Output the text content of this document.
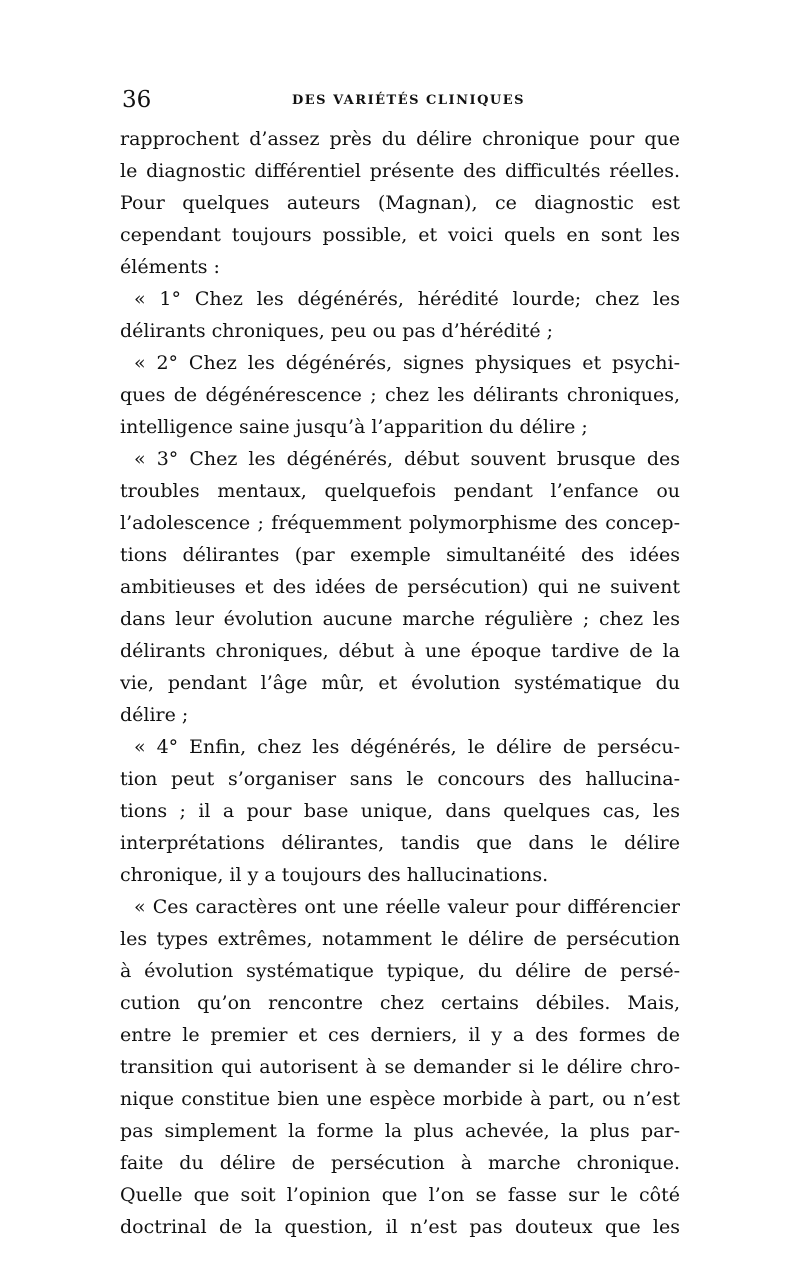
36	DES VARIÉTÉS CLINIQUES
rapprochent d’assez près du délire chronique pour que
le diagnostic différentiel présente des difficultés réelles.
Pour quelques auteurs (Magnan), ce diagnostic est
cependant toujours possible, et voici quels en sont les
éléments :
« 1° Chez les dégénérés, hérédité lourde; chez les
délirants chroniques, peu ou pas d’hérédité ;
« 2° Chez les dégénérés, signes physiques et psychi-
ques de dégénérescence ; chez les délirants chroniques,
intelligence saine jusqu’à l’apparition du délire ;
« 3° Chez les dégénérés, début souvent brusque des
troubles mentaux, quelquefois pendant l’enfance ou
l’adolescence ; fréquemment polymorphisme des concep-
tions délirantes (par exemple simultanéité des idées
ambitieuses et des idées de persécution) qui ne suivent
dans leur évolution aucune marche régulière ; chez les
délirants chroniques, début à une époque tardive de la
vie, pendant l’âge mûr, et évolution systématique du
délire ;
« 4° Enfin, chez les dégénérés, le délire de persécu-
tion peut s’organiser sans le concours des hallucina-
tions ; il a pour base unique, dans quelques cas, les
interprétations délirantes, tandis que dans le délire
chronique, il y a toujours des hallucinations.
« Ces caractères ont une réelle valeur pour différencier
les types extrêmes, notamment le délire de persécution
à évolution systématique typique, du délire de persé-
cution qu’on rencontre chez certains débiles. Mais,
entre le premier et ces derniers, il y a des formes de
transition qui autorisent à se demander si le délire chro-
nique constitue bien une espèce morbide à part, ou n’est
pas simplement la forme la plus achevée, la plus par-
faite du délire de persécution à marche chronique.
Quelle que soit l’opinion que l’on se fasse sur le côté
doctrinal de la question, il n’est pas douteux que les
